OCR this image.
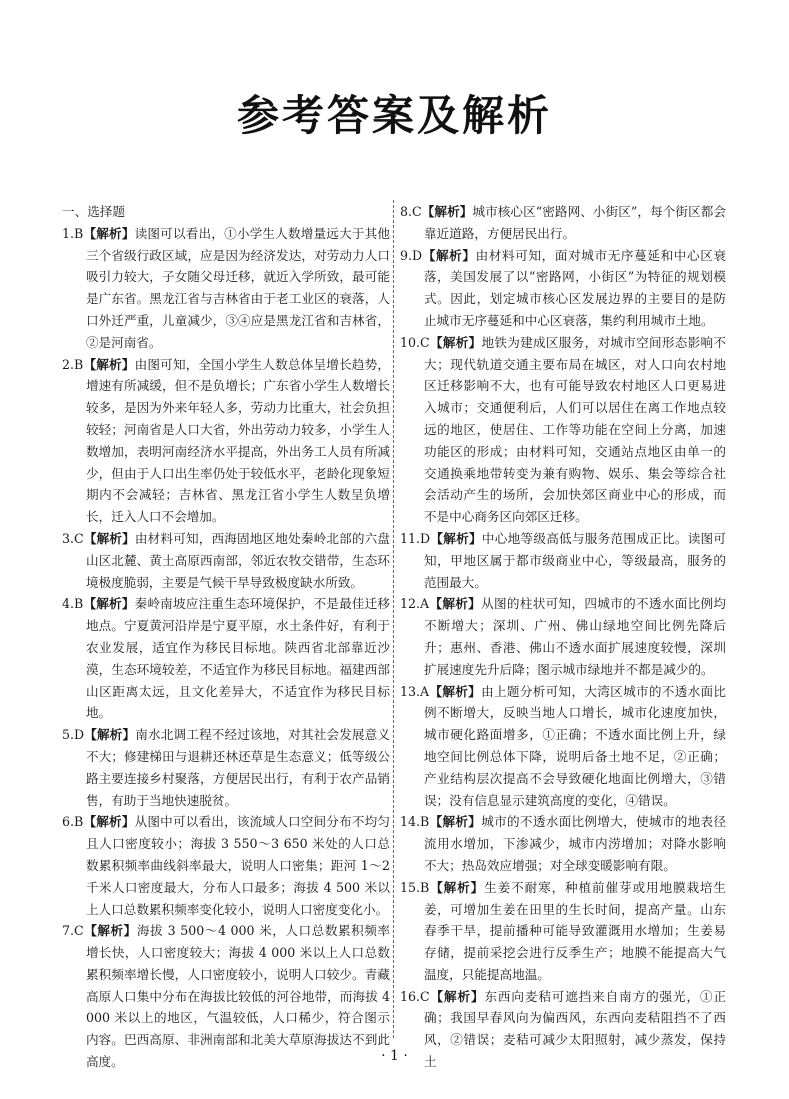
参考答案及解析

一、选择题

1.B【解析】读图可以看出，①小学生人数增量远大于其他三个省级行政区域，应是因为经济发达，对劳动力人口吸引力较大，子女随父母迁移，就近入学所致，最可能是广东省。黑龙江省与吉林省由于老工业区的衰落，人口外迁严重，儿童减少，③④应是黑龙江省和吉林省，②是河南省。

2.B【解析】由图可知，全国小学生人数总体呈增长趋势，增速有所减缓，但不是负增长；广东省小学生人数增长较多，是因为外来年轻人多，劳动力比重大，社会负担较轻；河南省是人口大省，外出劳动力较多，小学生人数增加，表明河南经济水平提高，外出务工人员有所减少，但由于人口出生率仍处于较低水平，老龄化现象短期内不会减轻；吉林省、黑龙江省小学生人数呈负增长，迁入人口不会增加。

3.C【解析】由材料可知，西海固地区地处秦岭北部的六盘山区北麓、黄土高原西南部，邻近农牧交错带，生态环境极度脆弱，主要是气候干旱导致极度缺水所致。

4.B【解析】秦岭南坡应注重生态环境保护，不是最佳迁移地点。宁夏黄河沿岸是宁夏平原，水土条件好，有利于农业发展，适宜作为移民目标地。陕西省北部靠近沙漠，生态环境较差，不适宜作为移民目标地。福建西部山区距离太远，且文化差异大，不适宜作为移民目标地。

5.D【解析】南水北调工程不经过该地，对其社会发展意义不大；修建梯田与退耕还林还草是生态意义；低等级公路主要连接乡村聚落，方便居民出行，有利于农产品销售，有助于当地快速脱贫。

6.B【解析】从图中可以看出，该流域人口空间分布不均匀且人口密度较小；海拔 3 550～3 650 米处的人口总数累积频率曲线斜率最大，说明人口密集；距河 1～2 千米人口密度最大，分布人口最多；海拔 4 500 米以上人口总数累积频率变化较小，说明人口密度变化小。

7.C【解析】海拔 3 500～4 000 米，人口总数累积频率增长快，人口密度较大；海拔 4 000 米以上人口总数累积频率增长慢，人口密度较小，说明人口较少。青藏高原人口集中分布在海拔比较低的河谷地带，而海拔 4 000 米以上的地区，气温较低，人口稀少，符合图示内容。巴西高原、非洲南部和北美大草原海拔达不到此高度。

8.C【解析】城市核心区“密路网、小街区”，每个街区都会靠近道路，方便居民出行。

9.D【解析】由材料可知，面对城市无序蔓延和中心区衰落，美国发展了以“密路网，小街区”为特征的规划模式。因此，划定城市核心区发展边界的主要目的是防止城市无序蔓延和中心区衰落，集约利用城市土地。

10.C【解析】地铁为建成区服务，对城市空间形态影响不大；现代轨道交通主要布局在城区，对人口向农村地区迁移影响不大，也有可能导致农村地区人口更易进入城市；交通便利后，人们可以居住在离工作地点较远的地区，使居住、工作等功能在空间上分离，加速功能区的形成；由材料可知，交通站点地区由单一的交通换乘地带转变为兼有购物、娱乐、集会等综合社会活动产生的场所，会加快郊区商业中心的形成，而不是中心商务区向郊区迁移。

11.D【解析】中心地等级高低与服务范围成正比。读图可知，甲地区属于都市级商业中心，等级最高，服务的范围最大。

12.A【解析】从图的柱状可知，四城市的不透水面比例均不断增大；深圳、广州、佛山绿地空间比例先降后升；惠州、香港、佛山不透水面扩展速度较慢，深圳扩展速度先升后降；图示城市绿地并不都是减少的。

13.A【解析】由上题分析可知，大湾区城市的不透水面比例不断增大，反映当地人口增长，城市化速度加快，城市硬化路面增多，①正确；不透水面比例上升，绿地空间比例总体下降，说明后备土地不足，②正确；产业结构层次提高不会导致硬化地面比例增大，③错误；没有信息显示建筑高度的变化，④错误。

14.B【解析】城市的不透水面比例增大，使城市的地表径流用水增加，下渗减少，城市内涝增加；对降水影响不大；热岛效应增强；对全球变暖影响有限。

15.B【解析】生姜不耐寒，种植前催芽或用地膜栽培生姜，可增加生姜在田里的生长时间，提高产量。山东春季干旱，提前播种可能导致灌溉用水增加；生姜易存储，提前采挖会进行反季生产；地膜不能提高大气温度，只能提高地温。

16.C【解析】东西向麦秸可遮挡来自南方的强光，①正确；我国早春风向为偏西风，东西向麦秸阻挡不了西风，②错误；麦秸可减少太阳照射，减少蒸发，保持土

· 1 ·
